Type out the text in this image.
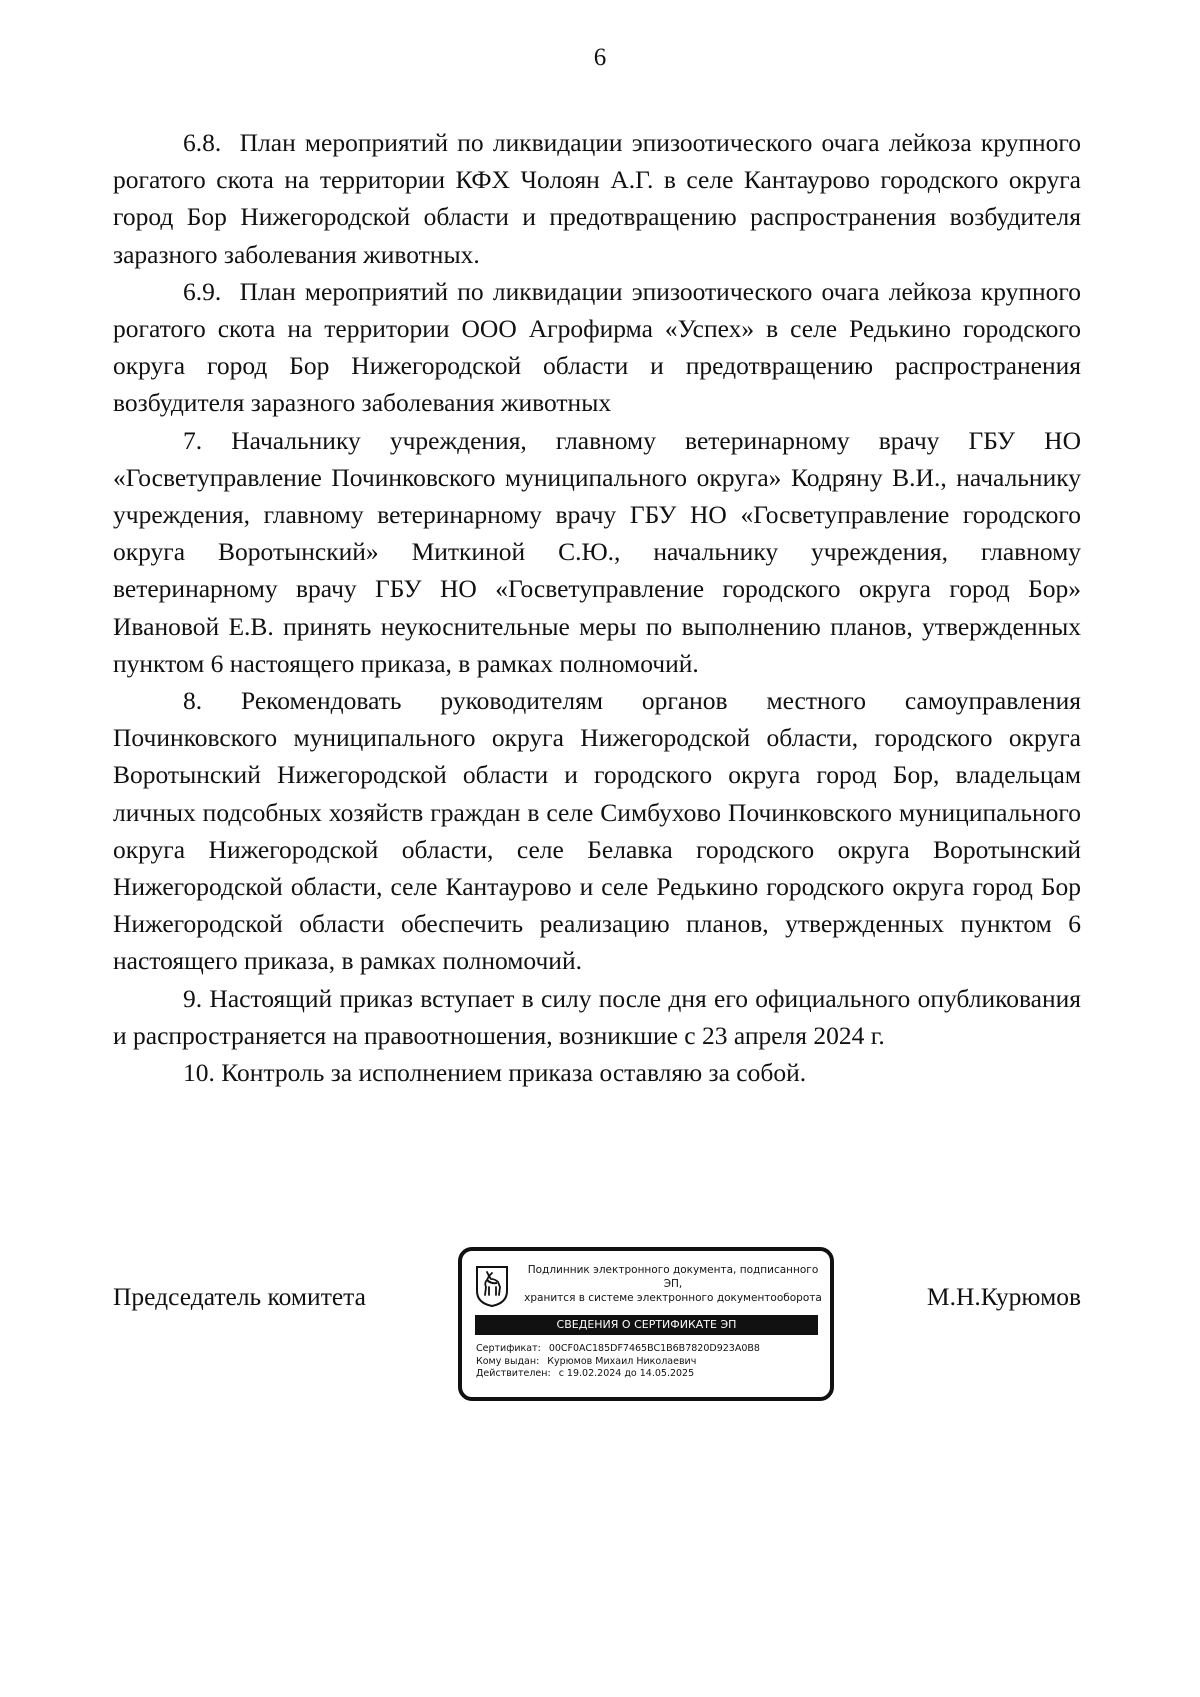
6

6.8.  План мероприятий по ликвидации эпизоотического очага лейкоза крупного рогатого скота на территории КФХ Чолоян А.Г. в селе Кантаурово городского округа город Бор Нижегородской области и предотвращению распространения возбудителя заразного заболевания животных.

6.9.  План мероприятий по ликвидации эпизоотического очага лейкоза крупного рогатого скота на территории ООО Агрофирма «Успех» в селе Редькино городского округа город Бор Нижегородской области и предотвращению распространения возбудителя заразного заболевания животных

7. Начальнику учреждения, главному ветеринарному врачу ГБУ НО «Госветуправление Починковского муниципального округа» Кодряну В.И., начальнику учреждения, главному ветеринарному врачу ГБУ НО «Госветуправление городского округа Воротынский» Миткиной С.Ю., начальнику учреждения, главному ветеринарному врачу ГБУ НО «Госветуправление городского округа город Бор» Ивановой Е.В. принять неукоснительные меры по выполнению планов, утвержденных пунктом 6 настоящего приказа, в рамках полномочий.

8. Рекомендовать руководителям органов местного самоуправления Починковского муниципального округа Нижегородской области, городского округа Воротынский Нижегородской области и городского округа город Бор, владельцам личных подсобных хозяйств граждан в селе Симбухово Починковского муниципального округа Нижегородской области, селе Белавка городского округа Воротынский Нижегородской области, селе Кантаурово и селе Редькино городского округа город Бор Нижегородской области обеспечить реализацию планов, утвержденных пунктом 6 настоящего приказа, в рамках полномочий.

9. Настоящий приказ вступает в силу после дня его официального опубликования и распространяется на правоотношения, возникшие с 23 апреля 2024 г.

10. Контроль за исполнением приказа оставляю за собой.

Председатель комитета
Подлинник электронного документа, подписанного ЭП,
хранится в системе электронного документооборота
СВЕДЕНИЯ О СЕРТИФИКАТЕ ЭП
Сертификат: 00CF0AC185DF7465BC1B6B7820D923A0B8
Кому выдан: Курюмов Михаил Николаевич
Действителен: с 19.02.2024 до 14.05.2025
М.Н.Курюмов
